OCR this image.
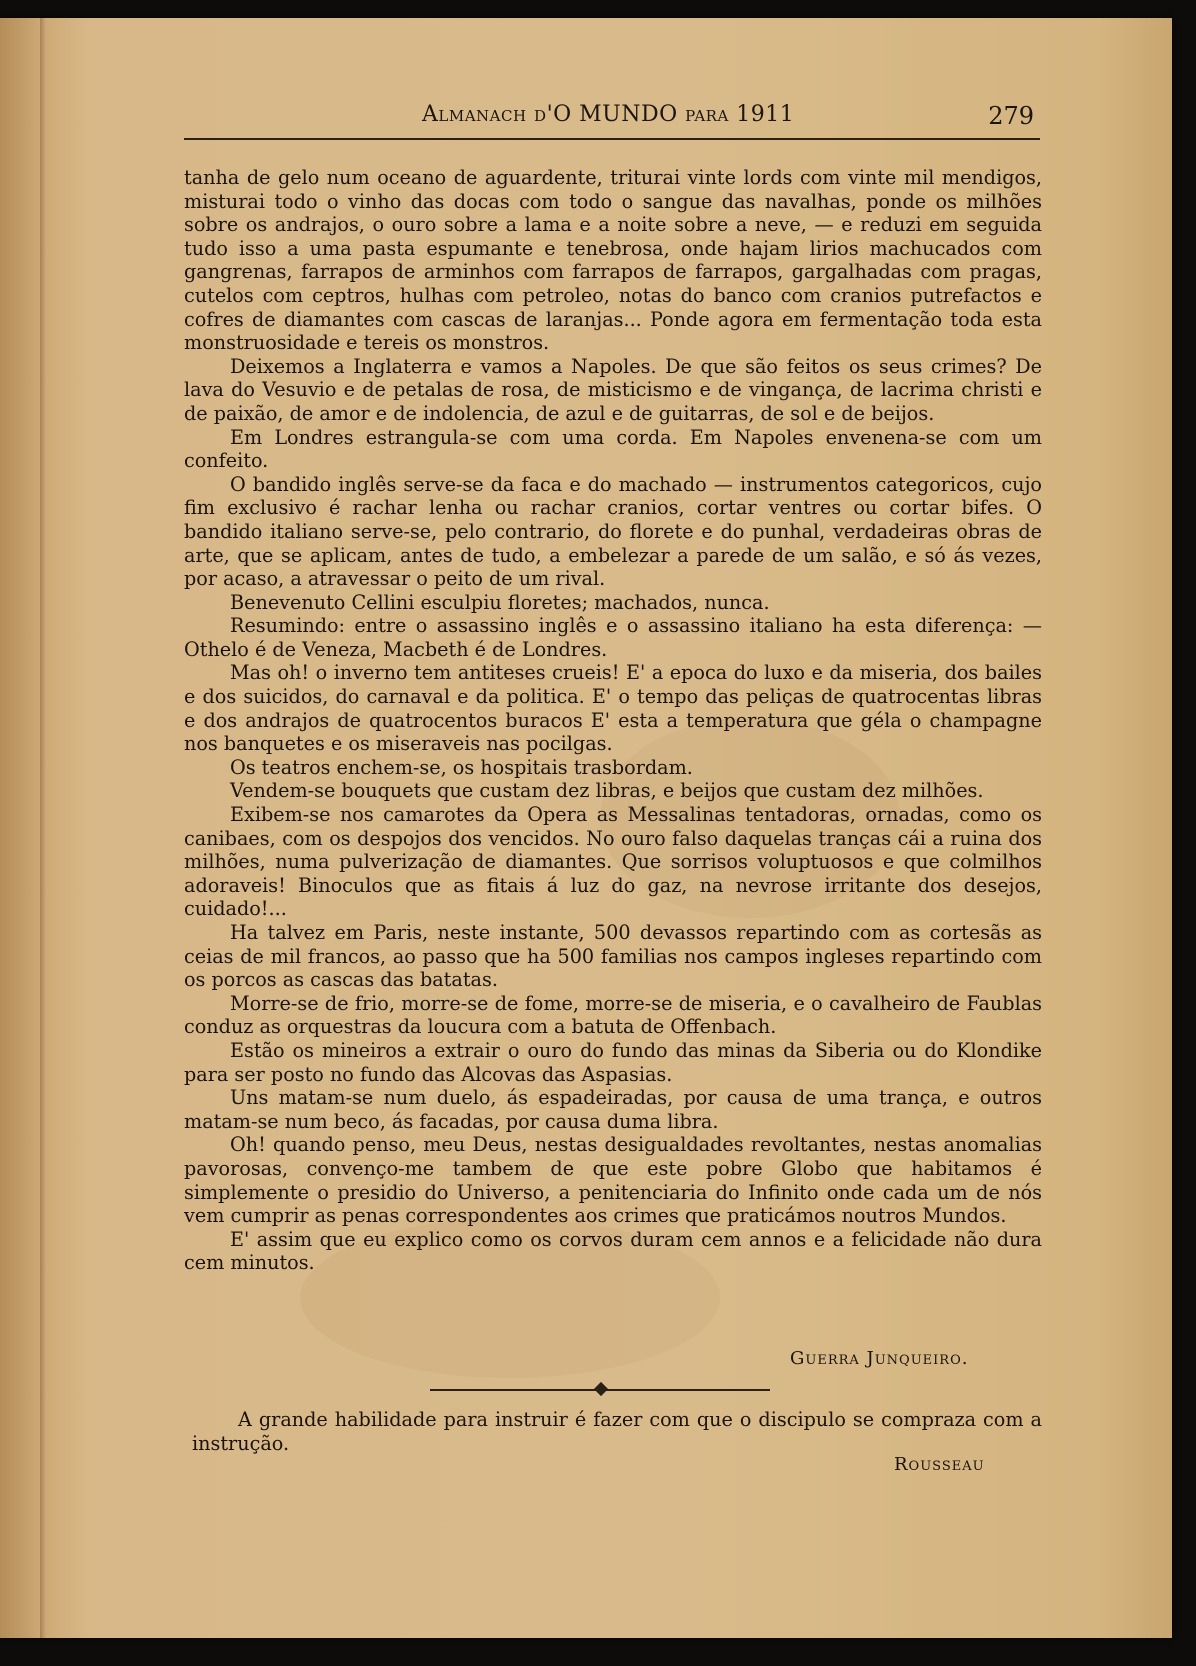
Almanach d'O MUNDO para 1911	279

tanha de gelo num oceano de aguardente, triturai vinte lords com vinte mil mendigos, misturai todo o vinho das docas com todo o sangue das navalhas, ponde os milhões sobre os andrajos, o ouro sobre a lama e a noite sobre a neve, — e reduzi em seguida tudo isso a uma pasta espumante e tenebrosa, onde hajam lirios machucados com gangrenas, farrapos de arminhos com farrapos de farrapos, gargalhadas com pragas, cutelos com ceptros, hulhas com petroleo, notas do banco com cranios putrefactos e cofres de diamantes com cascas de laranjas... Ponde agora em fermentação toda esta monstruosidade e tereis os monstros.

Deixemos a Inglaterra e vamos a Napoles. De que são feitos os seus crimes? De lava do Vesuvio e de petalas de rosa, de misticismo e de vingança, de lacrima christi e de paixão, de amor e de indolencia, de azul e de guitarras, de sol e de beijos.

Em Londres estrangula-se com uma corda. Em Napoles envenena-se com um confeito.

O bandido inglês serve-se da faca e do machado — instrumentos categoricos, cujo fim exclusivo é rachar lenha ou rachar cranios, cortar ventres ou cortar bifes. O bandido italiano serve-se, pelo contrario, do florete e do punhal, verdadeiras obras de arte, que se aplicam, antes de tudo, a embelezar a parede de um salão, e só ás vezes, por acaso, a atravessar o peito de um rival.

Benevenuto Cellini esculpiu floretes; machados, nunca.

Resumindo: entre o assassino inglês e o assassino italiano ha esta diferença: — Othelo é de Veneza, Macbeth é de Londres.

Mas oh! o inverno tem antiteses crueis! E' a epoca do luxo e da miseria, dos bailes e dos suicidos, do carnaval e da politica. E' o tempo das peliças de quatrocentas libras e dos andrajos de quatrocentos buracos E' esta a temperatura que géla o champagne nos banquetes e os miseraveis nas pocilgas.

Os teatros enchem-se, os hospitais trasbordam.

Vendem-se bouquets que custam dez libras, e beijos que custam dez milhões.

Exibem-se nos camarotes da Opera as Messalinas tentadoras, ornadas, como os canibaes, com os despojos dos vencidos. No ouro falso daquelas tranças cái a ruina dos milhões, numa pulverização de diamantes. Que sorrisos voluptuosos e que colmilhos adoraveis! Binoculos que as fitais á luz do gaz, na nevrose irritante dos desejos, cuidado!...

Ha talvez em Paris, neste instante, 500 devassos repartindo com as cortesãs as ceias de mil francos, ao passo que ha 500 familias nos campos ingleses repartindo com os porcos as cascas das batatas.

Morre-se de frio, morre-se de fome, morre-se de miseria, e o cavalheiro de Faublas conduz as orquestras da loucura com a batuta de Offenbach.

Estão os mineiros a extrair o ouro do fundo das minas da Siberia ou do Klondike para ser posto no fundo das Alcovas das Aspasias.

Uns matam-se num duelo, ás espadeiradas, por causa de uma trança, e outros matam-se num beco, ás facadas, por causa duma libra.

Oh! quando penso, meu Deus, nestas desigualdades revoltantes, nestas anomalias pavorosas, convenço-me tambem de que este pobre Globo que habitamos é simplemente o presidio do Universo, a penitenciaria do Infinito onde cada um de nós vem cumprir as penas correspondentes aos crimes que praticámos noutros Mundos.

E' assim que eu explico como os corvos duram cem annos e a felicidade não dura cem minutos.

Guerra Junqueiro.

A grande habilidade para instruir é fazer com que o discipulo se compraza com a instrução.

Rousseau
